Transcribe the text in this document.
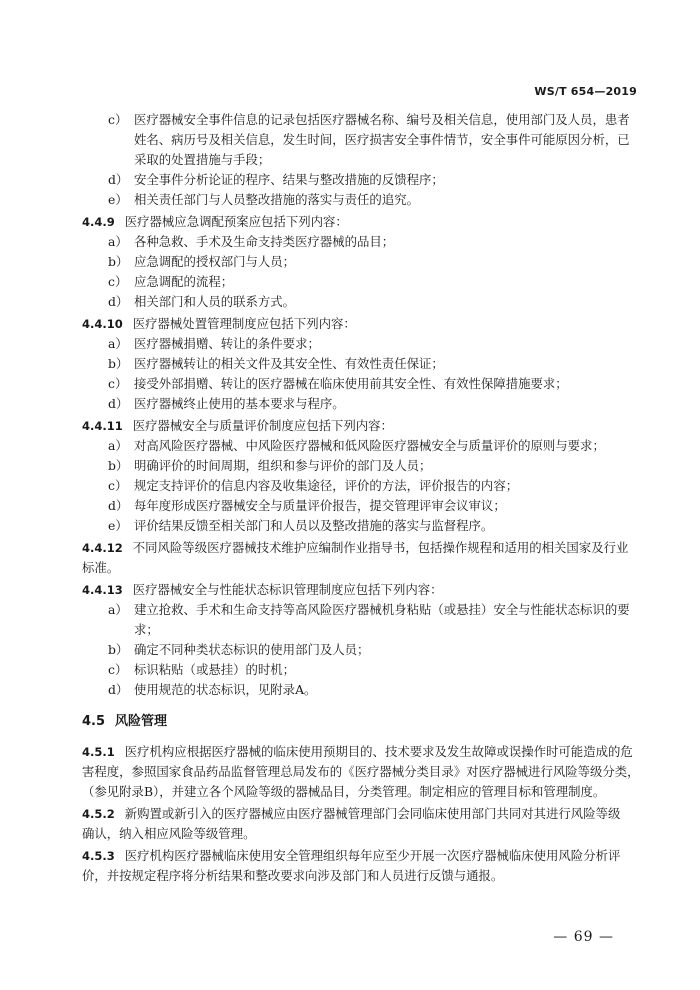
WS/T 654—2019
c） 医疗器械安全事件信息的记录包括医疗器械名称、编号及相关信息，使用部门及人员，患者
姓名、病历号及相关信息，发生时间，医疗损害安全事件情节，安全事件可能原因分析，已
采取的处置措施与手段；
d） 安全事件分析论证的程序、结果与整改措施的反馈程序；
e） 相关责任部门与人员整改措施的落实与责任的追究。
4.4.9 医疗器械应急调配预案应包括下列内容：
a） 各种急救、手术及生命支持类医疗器械的品目；
b） 应急调配的授权部门与人员；
c） 应急调配的流程；
d） 相关部门和人员的联系方式。
4.4.10 医疗器械处置管理制度应包括下列内容：
a） 医疗器械捐赠、转让的条件要求；
b） 医疗器械转让的相关文件及其安全性、有效性责任保证；
c） 接受外部捐赠、转让的医疗器械在临床使用前其安全性、有效性保障措施要求；
d） 医疗器械终止使用的基本要求与程序。
4.4.11 医疗器械安全与质量评价制度应包括下列内容：
a） 对高风险医疗器械、中风险医疗器械和低风险医疗器械安全与质量评价的原则与要求；
b） 明确评价的时间周期，组织和参与评价的部门及人员；
c） 规定支持评价的信息内容及收集途径，评价的方法，评价报告的内容；
d） 每年度形成医疗器械安全与质量评价报告，提交管理评审会议审议；
e） 评价结果反馈至相关部门和人员以及整改措施的落实与监督程序。
4.4.12 不同风险等级医疗器械技术维护应编制作业指导书，包括操作规程和适用的相关国家及行业
标准。
4.4.13 医疗器械安全与性能状态标识管理制度应包括下列内容：
a） 建立抢救、手术和生命支持等高风险医疗器械机身粘贴（或悬挂）安全与性能状态标识的要
求；
b） 确定不同种类状态标识的使用部门及人员；
c） 标识粘贴（或悬挂）的时机；
d） 使用规范的状态标识，见附录A。
4.5 风险管理
4.5.1 医疗机构应根据医疗器械的临床使用预期目的、技术要求及发生故障或误操作时可能造成的危
害程度，参照国家食品药品监督管理总局发布的《医疗器械分类目录》对医疗器械进行风险等级分类，
（参见附录B），并建立各个风险等级的器械品目，分类管理。制定相应的管理目标和管理制度。
4.5.2 新购置或新引入的医疗器械应由医疗器械管理部门会同临床使用部门共同对其进行风险等级
确认，纳入相应风险等级管理。
4.5.3 医疗机构医疗器械临床使用安全管理组织每年应至少开展一次医疗器械临床使用风险分析评
价，并按规定程序将分析结果和整改要求向涉及部门和人员进行反馈与通报。
— 69 —
